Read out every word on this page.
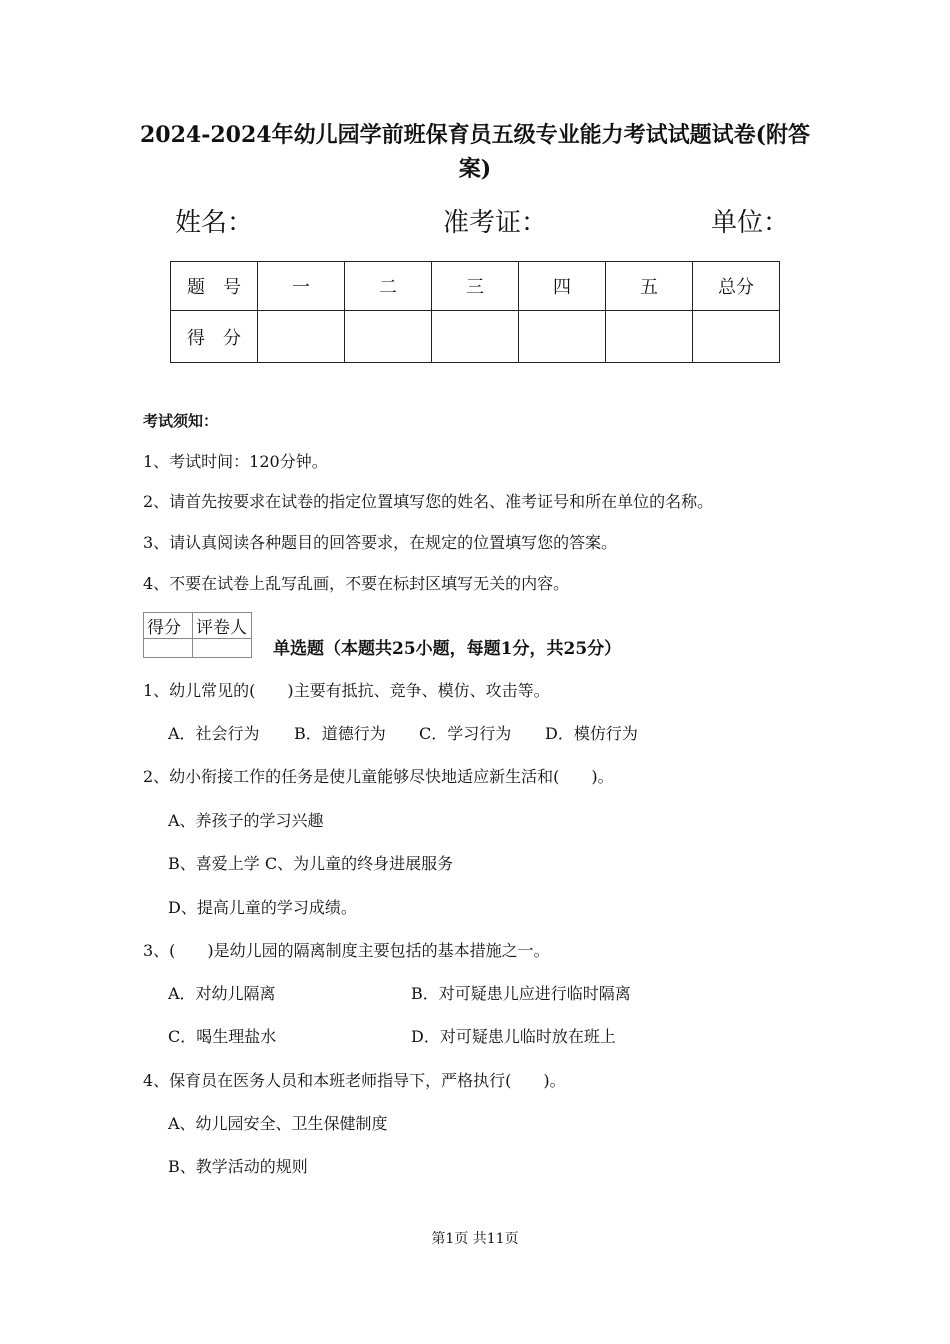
2024-2024年幼儿园学前班保育员五级专业能力考试试题试卷(附答
案)
姓名：	准考证：	单位：
题　号	一	二	三	四	五	总分
得　分						
考试须知：
1、考试时间：120分钟。
2、请首先按要求在试卷的指定位置填写您的姓名、准考证号和所在单位的名称。
3、请认真阅读各种题目的回答要求，在规定的位置填写您的答案。
4、不要在试卷上乱写乱画，不要在标封区填写无关的内容。
得分	评卷人

单选题（本题共25小题，每题1分，共25分）
1、幼儿常见的(　　)主要有抵抗、竞争、模仿、攻击等。
A．社会行为 B．道德行为 C．学习行为 D．模仿行为
2、幼小衔接工作的任务是使儿童能够尽快地适应新生活和(　　)。
A、养孩子的学习兴趣
B、喜爱上学 C、为儿童的终身进展服务
D、提高儿童的学习成绩。
3、(　　)是幼儿园的隔离制度主要包括的基本措施之一。
A．对幼儿隔离	B．对可疑患儿应进行临时隔离
C．喝生理盐水	D．对可疑患儿临时放在班上
4、保育员在医务人员和本班老师指导下，严格执行(　　)。
A、幼儿园安全、卫生保健制度
B、教学活动的规则
第1页 共11页
